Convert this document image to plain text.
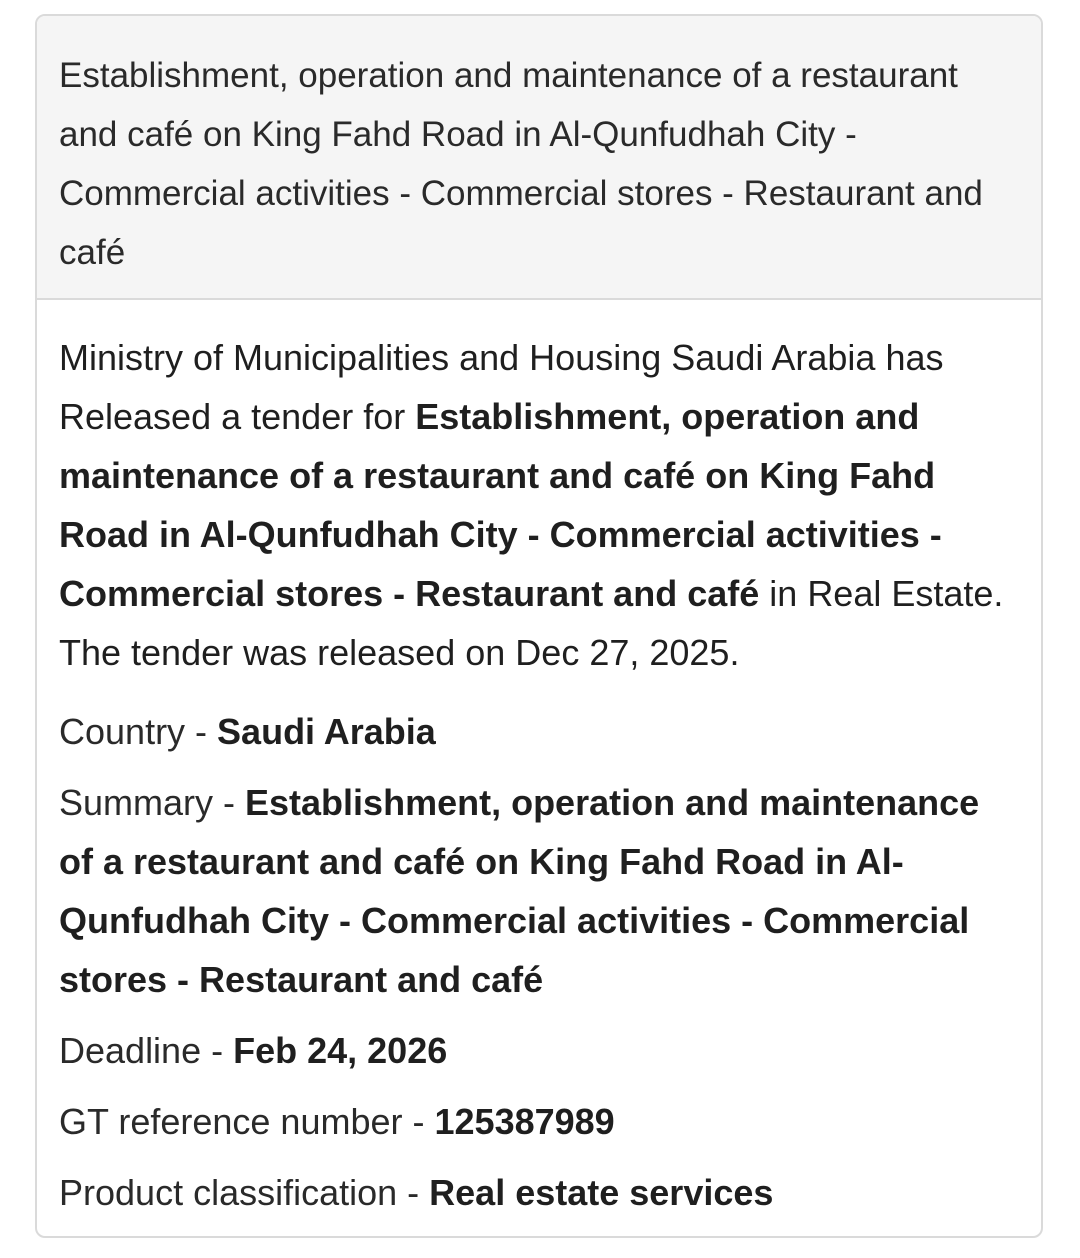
Establishment, operation and maintenance of a restaurant and café on King Fahd Road in Al-Qunfudhah City - Commercial activities - Commercial stores - Restaurant and café

Ministry of Municipalities and Housing Saudi Arabia has Released a tender for Establishment, operation and maintenance of a restaurant and café on King Fahd Road in Al-Qunfudhah City - Commercial activities - Commercial stores - Restaurant and café in Real Estate. The tender was released on Dec 27, 2025.

Country - Saudi Arabia

Summary - Establishment, operation and maintenance of a restaurant and café on King Fahd Road in Al-Qunfudhah City - Commercial activities - Commercial stores - Restaurant and café

Deadline - Feb 24, 2026

GT reference number - 125387989

Product classification - Real estate services
